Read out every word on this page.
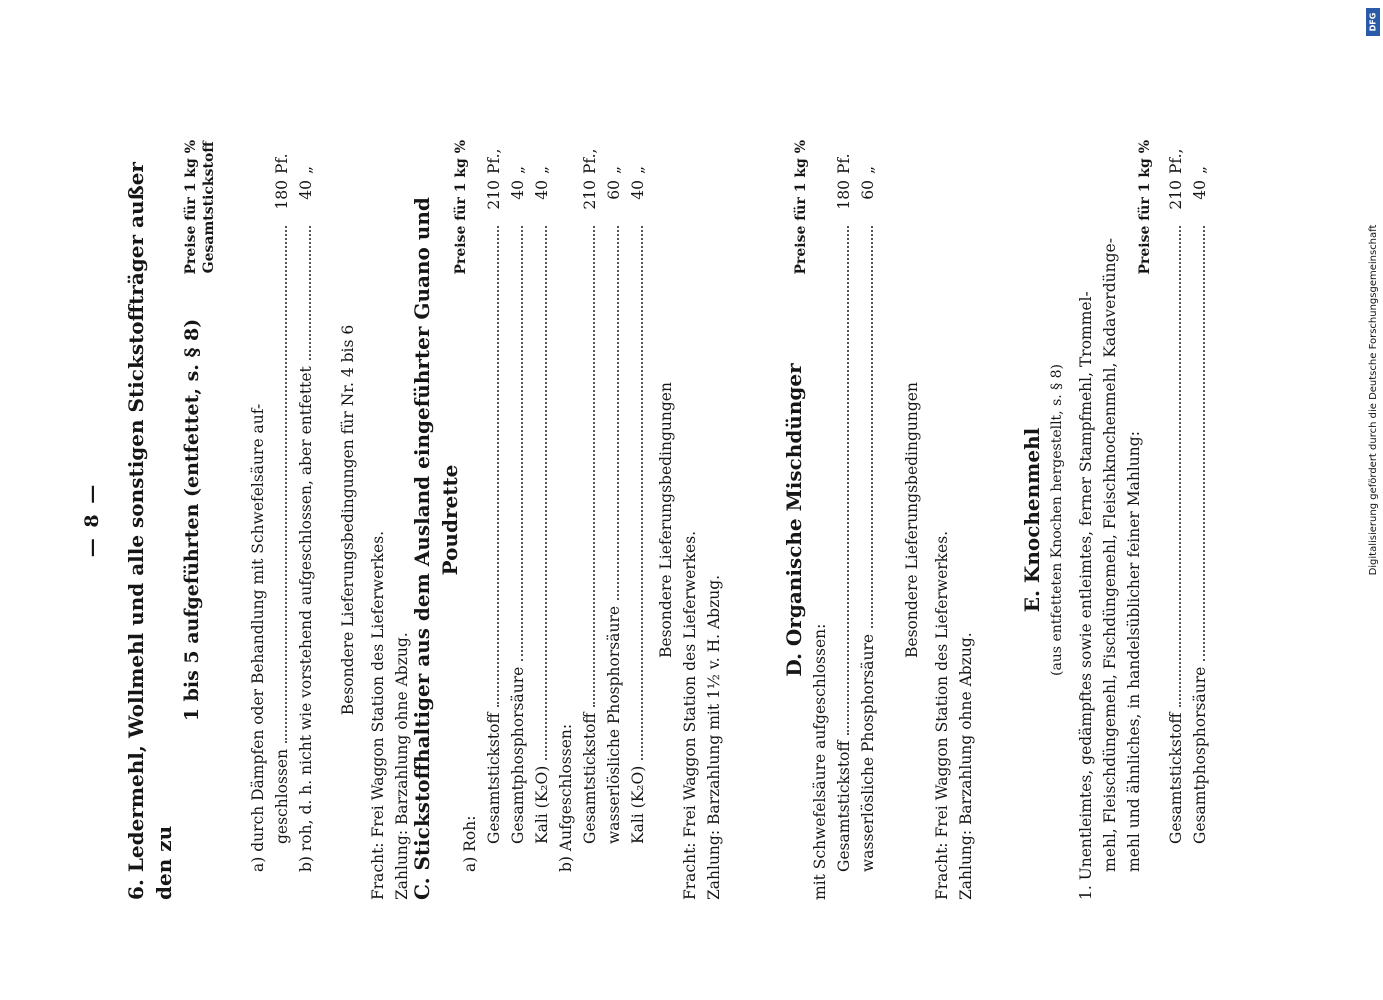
— 8 — 6. Ledermehl, Wollmehl und alle sonstigen Stickstoffträger außer den zu
1 bis 5 aufgeführten (entfettet, s. § 8)
Preise für 1 kg % Gesamtstickstoff
a) durch Dämpfen oder Behandlung mit Schwefelsäure auf- geschlossen
180
Pf.
b) roh, d. h. nicht wie vorstehend aufgeschlossen, aber entfettet
40
„
Besondere Lieferungsbedingungen für Nr. 4 bis 6
Fracht: Frei Waggon Station des Lieferwerkes. Zahlung: Barzahlung ohne Abzug. C. Stickstoffhaltiger aus dem Ausland eingeführter Guano und Poudrette
Preise für 1 kg %
a) Roh: Gesamtstickstoff
210
Pf.,
Gesamtphosphorsäure
40
„
Kali (K₂O)
40
„
b) Aufgeschlossen: Gesamtstickstoff
210
Pf.,
wasserlösliche Phosphorsäure
60
„
Kali (K₂O)
40
„
Besondere Lieferungsbedingungen
Fracht: Frei Waggon Station des Lieferwerkes. Zahlung: Barzahlung mit 1½ v. H. Abzug.
D. Organische Mischdünger
Preise für 1 kg %
mit Schwefelsäure aufgeschlossen: Gesamtstickstoff
180
Pf.
wasserlösliche Phosphorsäure
60
„
Besondere Lieferungsbedingungen
Fracht: Frei Waggon Station des Lieferwerkes. Zahlung: Barzahlung ohne Abzug.
E. Knochenmehl (aus entfetteten Knochen hergestellt, s. § 8) 1. Unentleimtes, gedämpftes sowie entleimtes, ferner Stampfmehl, Trommel- mehl, Fleischdüngemehl, Fischdüngemehl, Fleischknochenmehl, Kadaverdünge- mehl und ähnliches, in handelsüblicher feiner Mahlung:
Preise für 1 kg %
Gesamtstickstoff
210
Pf.,
Gesamtphosphorsäure
40
„
DFG
Digitalisierung gefördert durch die Deutsche Forschungsgemeinschaft
